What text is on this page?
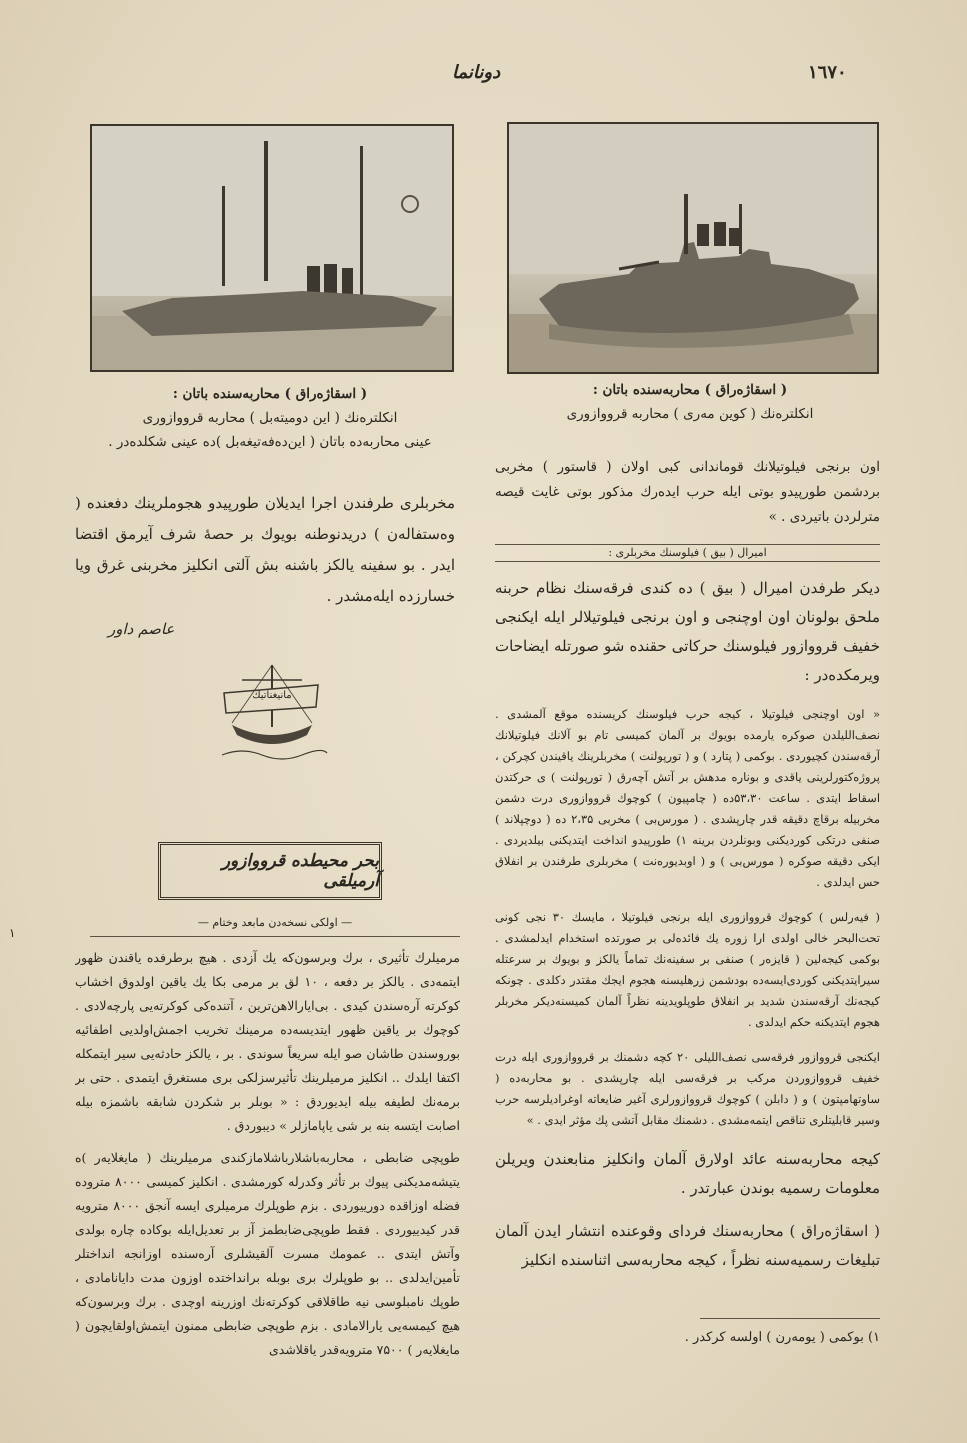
١٦٧٠
دونانما
( اسقاژه‌راق ) محاربه‌سنده باتان :
انكلتره‌نك ( كوين مه‌ری ) محاربه قرووازوری
( اسقاژه‌راق ) محاربه‌سنده باتان :
انكلتره‌نك ( این دومیته‌بل ) محاربه قرووازوری
عینی محاربه‌ده باتان ( این‌ده‌فه‌تیغه‌بل )ده عینی شكلده‌در .

اون برنجی فیلوتیلانك قوماندانی كبی اولان ( قاستور ) مخربی بردشمن طورپیدو بوتی ایله حرب ایده‌رك مذكور بوتی غایت قیصه مترلردن باتیردی . »

امیرال ( بیق ) فیلوسنك مخربلری :

دیكر طرفدن امیرال ( بیق ) ده كندی فرقه‌سنك نظام حربنه ملحق بولونان اون اوچنجی و اون برنجی فیلوتیلالر ایله ایكنجی خفیف قرووازور فیلوسنك حركاتی حقنده شو صورتله ایضاحات ویرمكده‌در :

« اون اوچنجی فیلوتیلا ، كیجه حرب فیلوسنك كریسنده موقع آلمشدی . نصف‌اللیلدن صوكره یارمده بویوك بر آلمان كمیسی تام بو آلانك فیلوتیلانك آرقه‌سندن كچیوردی . بوكمی ( پتارد ) و ( تورپولنت ) مخربلرینك یاقیندن كچركن ، پروژه‌كتورلرینی یاقدی و بوناره مدهش بر آتش آچه‌رق ( تورپولنت ) ی حركتدن اسقاط ایتدی . ساعت ۵۳،۳۰ده ( چامپیون ) كوچوك قرووازوری درت دشمن مخربیله برقاچ دقیقه قدر چارپشدی . ( مورس‌بی ) مخربی ۲،۳۵ ده ( دوچپلاند ) صنفی درتكی كوردیكنی وبونلردن برینه ۱) طورپیدو انداخت ایتدیكنی بیلدیردی . ایكی دقیقه صوكره ( مورس‌بی ) و ( اوبدیوره‌نت ) مخربلری طرفندن بر انفلاق حس ایدلدی .

( فیه‌رلس ) كوچوك قرووازوری ایله برنجی فیلوتیلا ، مایسك ۳۰ نجی كونی تحت‌البحر خالی اولدی ارا زوره یك فائده‌لی بر صورتده استخدام ایدلمشدی . بوكمی كیجه‌لین ( قایزه‌ر ) صنفی بر سفینه‌نك تماماً یالكز و بویوك بر سرعتله سیرایتدیكنی كوردی‌ایسه‌ده بودشمن زرهلیسنه هجوم ایجك مقتدر دكلدی . چونكه كیجه‌نك آرقه‌سندن شدید بر انفلاق طوپلویدینه نظراً آلمان كمیسنه‌دیكر مخربلر هجوم ایتدیكنه حكم ایدلدی .

ایكنجی قرووازور فرقه‌سی نصف‌اللیلی ۲۰ كچه دشمنك بر قرووازوری ایله درت خفیف قرووازوردن مركب بر فرقه‌سی ایله چارپشدی . بو محاربه‌ده ( ساوتهامپتون ) و ( دابلن ) كوچوك قرووازورلری آغیر ضایعاته اوغرادیلرسه حرب وسیر قابلیتلری تناقص ایتمه‌مشدی . دشمنك مقابل آتشی پك مؤثر ایدی . »

كیجه محاربه‌سنه عائد اولارق آلمان وانكلیز منابعندن ویریلن معلومات رسمیه بوندن عبارتدر .

( اسقاژه‌راق ) محاربه‌سنك فردای وقوعنده انتشار ایدن آلمان تبلیغات رسمیه‌سنه نظراً ، كیجه محاربه‌سی اثناسنده انكلیز

۱) بوكمی ( یومه‌رن ) اولسه كركدر .

مخربلری طرفندن اجرا ایدیلان طورپیدو هجوملرینك دفعنده ( وه‌ستفالەن ) دریدنوطنه بویوك بر حصهٔ شرف آیرمق اقتضا ایدر . بو سفینه یالكز باشنه بش آلتی انكلیز مخربنی غرق ویا خسارزده ایله‌مشدر .

عاصم داور
مانیغناتیك
بحر محیطده قرووازور آرمیلقی
— اولكی نسخه‌دن مابعد وختام —

مرمیلرك تأثیری ، برك وبرسون‌كه یك آزدی . هیچ برطرفده یاقندن ظهور ایتمه‌دی . یالكز بر دفعه ، ۱۰ لق بر مرمی بكا یك یاقین اولدوق اخشاب كوكرته آره‌سندن كیدی . بی‌ایارالاهن‌ترین ، آتنده‌كی كوكرته‌یی پارچه‌لادی . كوچوك بر یاقین ظهور ایتدیسه‌ده مرمینك تخریب اجمش‌اولدیی اطفائیه بوروسندن طاشان صو ایله سریعاً سوندی . بر ، یالكز حادثه‌یی سیر ایتمكله اكتفا ایلدك .. انكلیز مرمیلرینك تأثیر‌سزلكی بری مستغرق ایتمدی . حتی بر برمه‌نك لطیفه بیله ایدیوردق : « بوبلر بر شكردن شابقه باشمزه بیله اصابت ایتسه بنه بر شی یاپامازلر » دیبوردق .

طوپچی ضابطی ، محاربه‌باشلارباشلامازكندی مرمیلرینك ( مایغلایه‌ر )ه یتیشه‌مدیكنی پیوك بر تأثر وكدرله كورمشدی . انكلیز كمیسی ۸۰۰۰ متروده فضله اوزاقده دورییوردی . بزم طوپلرك مرمیلری ایسه آنجق ۸۰۰۰ مترویه قدر كیدییوردی . فقط طوپچی‌ضابطمز آز بر تعدیل‌ایله بوكاده چاره بولدی وآتش ایتدی .. عمومك مسرت آلقیشلری آره‌سنده اوزانجه انداختلر تأمین‌ایدلدی .. بو طوپلرك بری بوبله برانداختده اوزون مدت دایانامادی ، طوپك نامبلوسی نیه طاقلاقی كوكرته‌نك اوزرینه اوچدی . برك وبرسون‌كه هیچ كیمسه‌یی یارالامادی . بزم طوپچی ضابطی ممنون ایتمش‌اولقایچون ( مایغلایه‌ر ) ۷۵۰۰ مترویه‌قدر یاقلاشدی

١
